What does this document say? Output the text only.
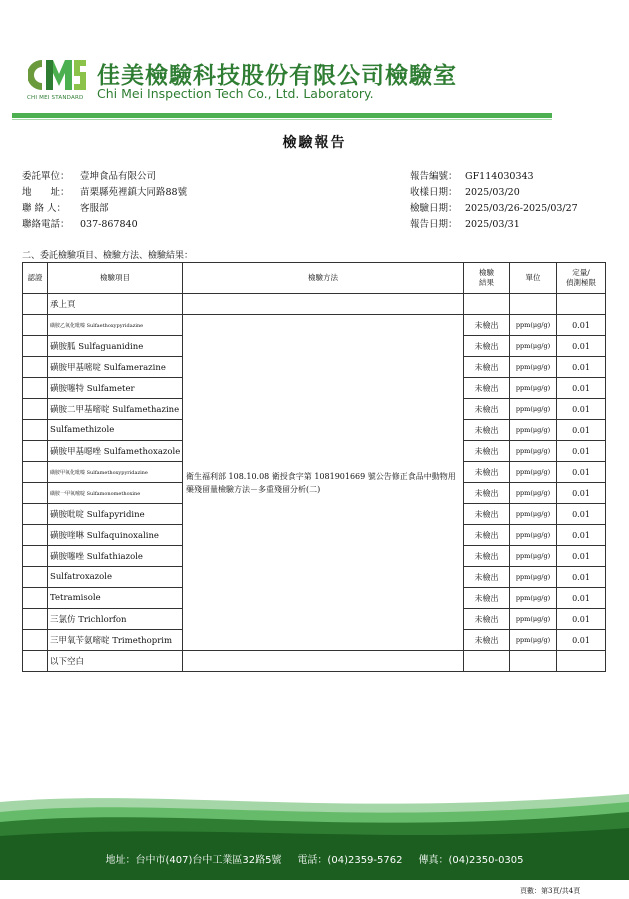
CHI MEI STANDARD
佳美檢驗科技股份有限公司檢驗室
Chi Mei Inspection Tech Co., Ltd. Laboratory.
檢驗報告
委託單位： 壹坤食品有限公司
地　　址： 苗栗縣苑裡鎮大同路88號
聯 絡 人： 客服部
聯絡電話： 037-867840
報告編號： GF114030343
收樣日期： 2025/03/20
檢驗日期： 2025/03/26-2025/03/27
報告日期： 2025/03/31
二、委託檢驗項目、檢驗方法、檢驗結果：
認證	檢驗項目	檢驗方法	檢驗
結果	單位	定量/
偵測極限
	承上頁				
	磺胺乙氧化吡嗪 Sulfaethoxypyridazine	衛生福利部 108.10.08 衛授食字第 1081901669 號公告修正食品中動物用藥殘留量檢驗方法－多重殘留分析(二)	未檢出	ppm(μg/g)	0.01
	磺胺胍 Sulfaguanidine		未檢出	ppm(μg/g)	0.01
	磺胺甲基嘧啶 Sulfamerazine		未檢出	ppm(μg/g)	0.01
	磺胺噻特 Sulfameter		未檢出	ppm(μg/g)	0.01
	磺胺二甲基嘧啶 Sulfamethazine		未檢出	ppm(μg/g)	0.01
	Sulfamethizole		未檢出	ppm(μg/g)	0.01
	磺胺甲基噁唑 Sulfamethoxazole		未檢出	ppm(μg/g)	0.01
	磺胺甲氧化吡嗪 Sulfamethoxypyridazine		未檢出	ppm(μg/g)	0.01
	磺胺一甲氧嘧啶 Sulfamonomethoxine		未檢出	ppm(μg/g)	0.01
	磺胺吡啶 Sulfapyridine		未檢出	ppm(μg/g)	0.01
	磺胺喹啉 Sulfaquinoxaline		未檢出	ppm(μg/g)	0.01
	磺胺噻唑 Sulfathiazole		未檢出	ppm(μg/g)	0.01
	Sulfatroxazole		未檢出	ppm(μg/g)	0.01
	Tetramisole		未檢出	ppm(μg/g)	0.01
	三氯仿 Trichlorfon		未檢出	ppm(μg/g)	0.01
	三甲氧苄氨嘧啶 Trimethoprim		未檢出	ppm(μg/g)	0.01
	以下空白				
地址：台中市(407)台中工業區32路5號 電話：(04)2359-5762 傳真：(04)2350-0305
頁數：第3頁/共4頁
